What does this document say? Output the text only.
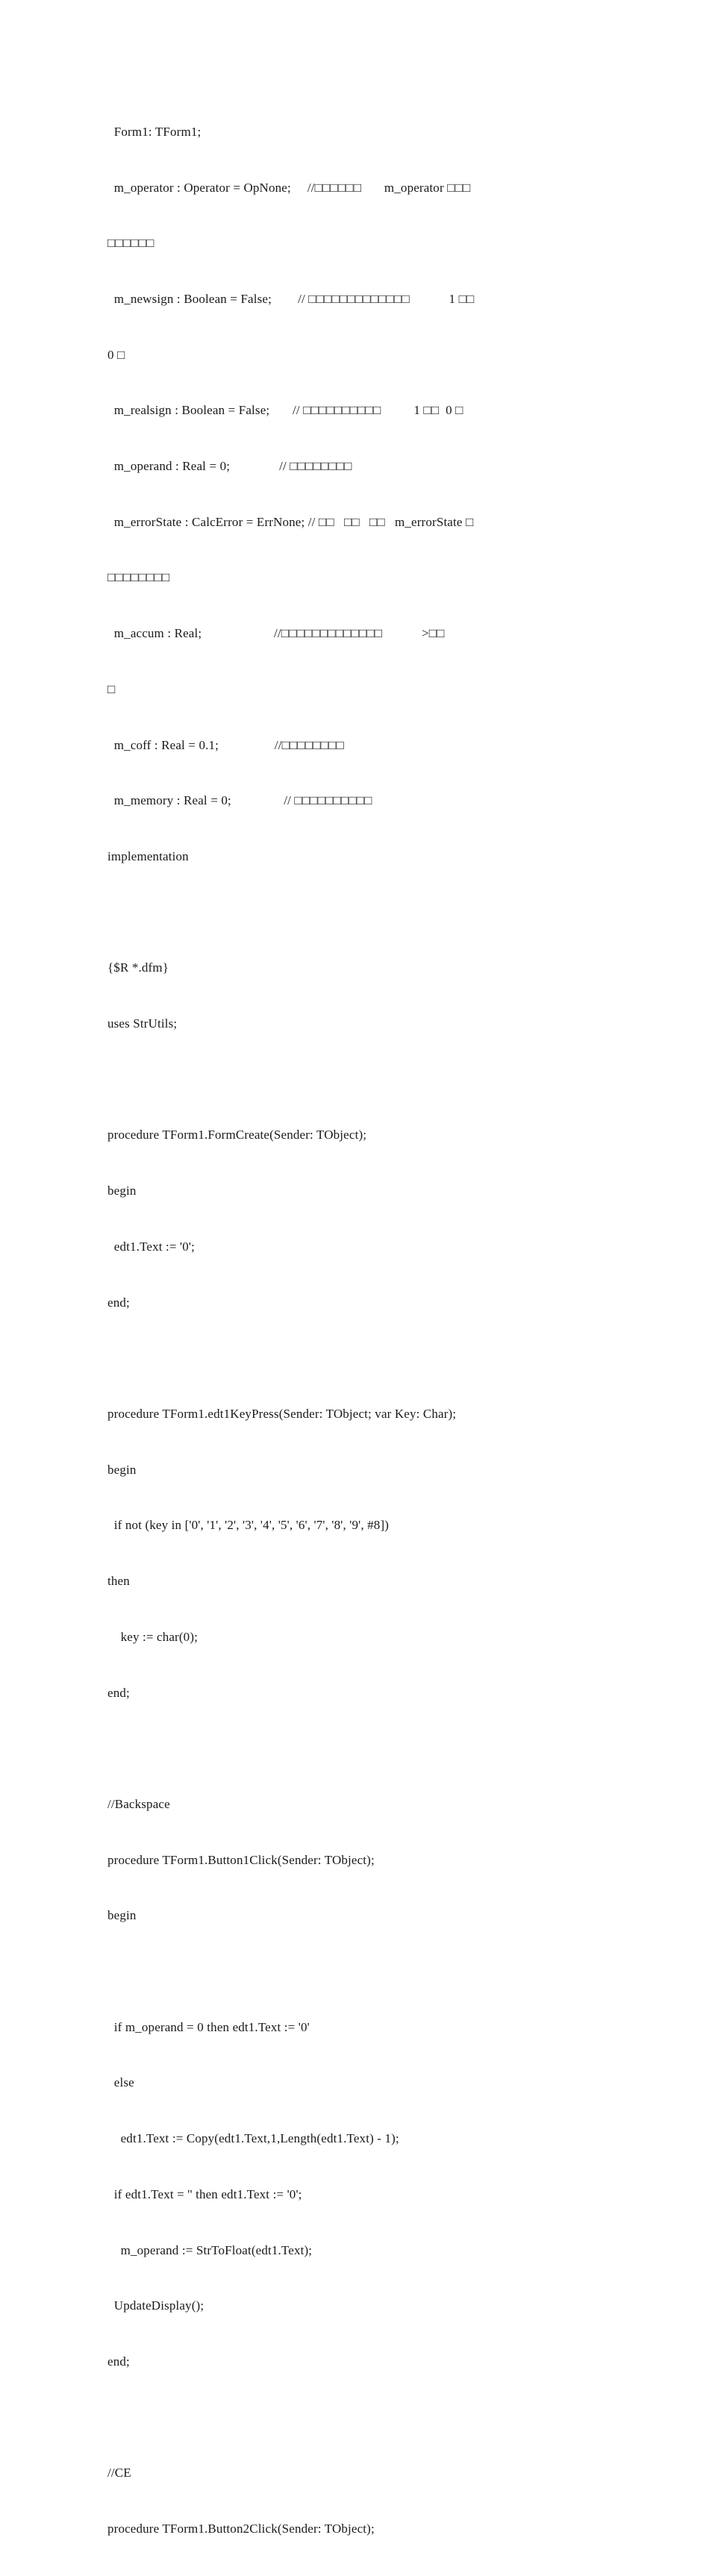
Form1: TForm1;

m_operator : Operator = OpNone;     //□□□□□□       m_operator □□□

□□□□□□

m_newsign : Boolean = False;        // □□□□□□□□□□□□□            1 □□

0 □

m_realsign : Boolean = False;       // □□□□□□□□□□          1 □□  0 □

m_operand : Real = 0;               // □□□□□□□□

m_errorState : CalcError = ErrNone; // □□   □□   □□   m_errorState □

□□□□□□□□

m_accum : Real;                      //□□□□□□□□□□□□□            >□□

□

m_coff : Real = 0.1;                 //□□□□□□□□

m_memory : Real = 0;                // □□□□□□□□□□

implementation

{$R *.dfm}

uses StrUtils;

procedure TForm1.FormCreate(Sender: TObject);

begin

edt1.Text := '0';

end;

procedure TForm1.edt1KeyPress(Sender: TObject; var Key: Char);

begin

if not (key in ['0', '1', '2', '3', '4', '5', '6', '7', '8', '9', #8])

then

key := char(0);

end;

//Backspace

procedure TForm1.Button1Click(Sender: TObject);

begin

if m_operand = 0 then edt1.Text := '0'

else

edt1.Text := Copy(edt1.Text,1,Length(edt1.Text) - 1);

if edt1.Text = '' then edt1.Text := '0';

m_operand := StrToFloat(edt1.Text);

UpdateDisplay();

end;

//CE

procedure TForm1.Button2Click(Sender: TObject);
